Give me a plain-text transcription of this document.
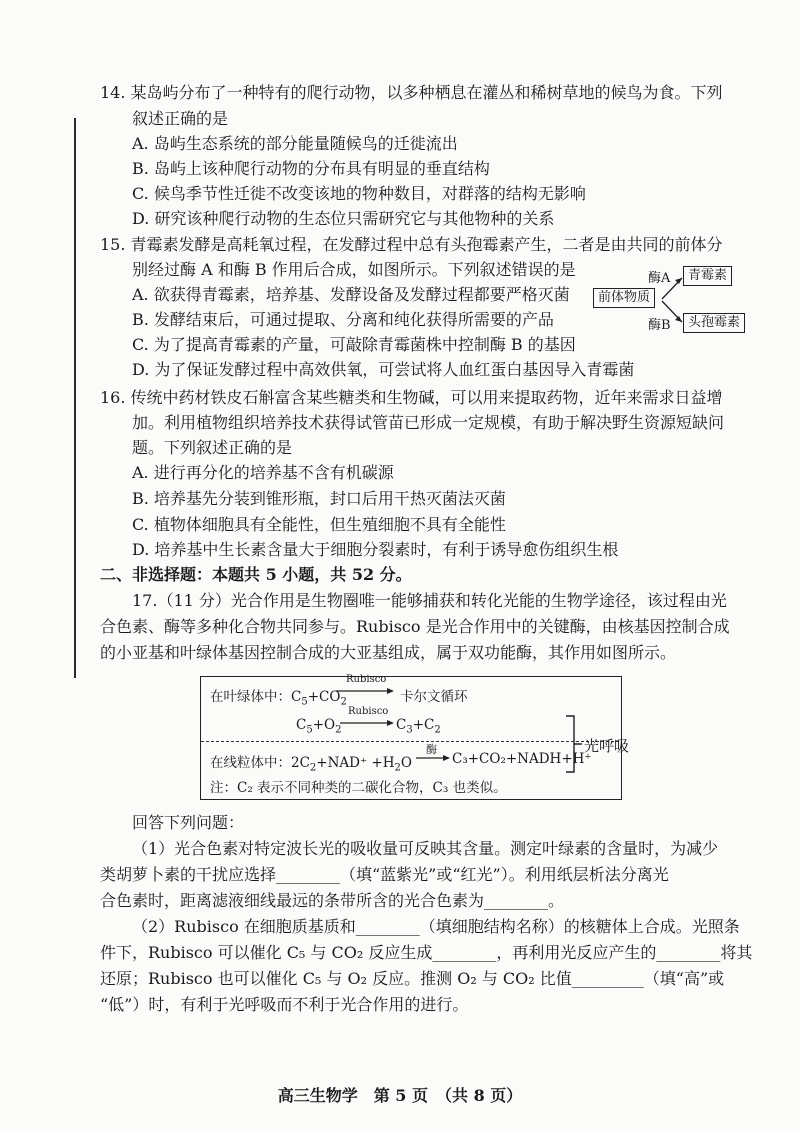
14. 某岛屿分布了一种特有的爬行动物，以多种栖息在灌丛和稀树草地的候鸟为食。下列
叙述正确的是
A. 岛屿生态系统的部分能量随候鸟的迁徙流出
B. 岛屿上该种爬行动物的分布具有明显的垂直结构
C. 候鸟季节性迁徙不改变该地的物种数目，对群落的结构无影响
D. 研究该种爬行动物的生态位只需研究它与其他物种的关系
15. 青霉素发酵是高耗氧过程，在发酵过程中总有头孢霉素产生，二者是由共同的前体分
别经过酶 A 和酶 B 作用后合成，如图所示。下列叙述错误的是
A. 欲获得青霉素，培养基、发酵设备及发酵过程都要严格灭菌
B. 发酵结束后，可通过提取、分离和纯化获得所需要的产品
C. 为了提高青霉素的产量，可敲除青霉菌株中控制酶 B 的基因
D. 为了保证发酵过程中高效供氧，可尝试将人血红蛋白基因导入青霉菌
前体物质
青霉素
头孢霉素
酶A
酶B
16. 传统中药材铁皮石斛富含某些糖类和生物碱，可以用来提取药物，近年来需求日益增
加。利用植物组织培养技术获得试管苗已形成一定规模，有助于解决野生资源短缺问
题。下列叙述正确的是
A. 进行再分化的培养基不含有机碳源
B. 培养基先分装到锥形瓶，封口后用干热灭菌法灭菌
C. 植物体细胞具有全能性，但生殖细胞不具有全能性
D. 培养基中生长素含量大于细胞分裂素时，有利于诱导愈伤组织生根
二、非选择题：本题共 5 小题，共 52 分。
17.（11 分）光合作用是生物圈唯一能够捕获和转化光能的生物学途径，该过程由光
合色素、酶等多种化合物共同参与。Rubisco 是光合作用中的关键酶，由核基因控制合成
的小亚基和叶绿体基因控制合成的大亚基组成，属于双功能酶，其作用如图所示。
在叶绿体中：$C_5+CO_2$
Rubisco
→ 卡尔文循环
$C_5+O_2$
Rubisco
→ $C_3+C_2$
在线粒体中：$2C_2+NAD^+ +H_2O$
酶
→ C₃+CO₂+NADH+H⁺
光呼吸
注：C₂ 表示不同种类的二碳化合物，C₃ 也类似。
回答下列问题：
（1）光合色素对特定波长光的吸收量可反映其含量。测定叶绿素的含量时，为减少
类胡萝卜素的干扰应选择________（填“蓝紫光”或“红光”）。利用纸层析法分离光
合色素时，距离滤液细线最远的条带所含的光合色素为________。
（2）Rubisco 在细胞质基质和________（填细胞结构名称）的核糖体上合成。光照条
件下，Rubisco 可以催化 C₅ 与 CO₂ 反应生成________，再利用光反应产生的________将其
还原；Rubisco 也可以催化 C₅ 与 O₂ 反应。推测 O₂ 与 CO₂ 比值_________（填“高”或
“低”）时，有利于光呼吸而不利于光合作用的进行。
高三生物学　第 5 页　（共 8 页）
